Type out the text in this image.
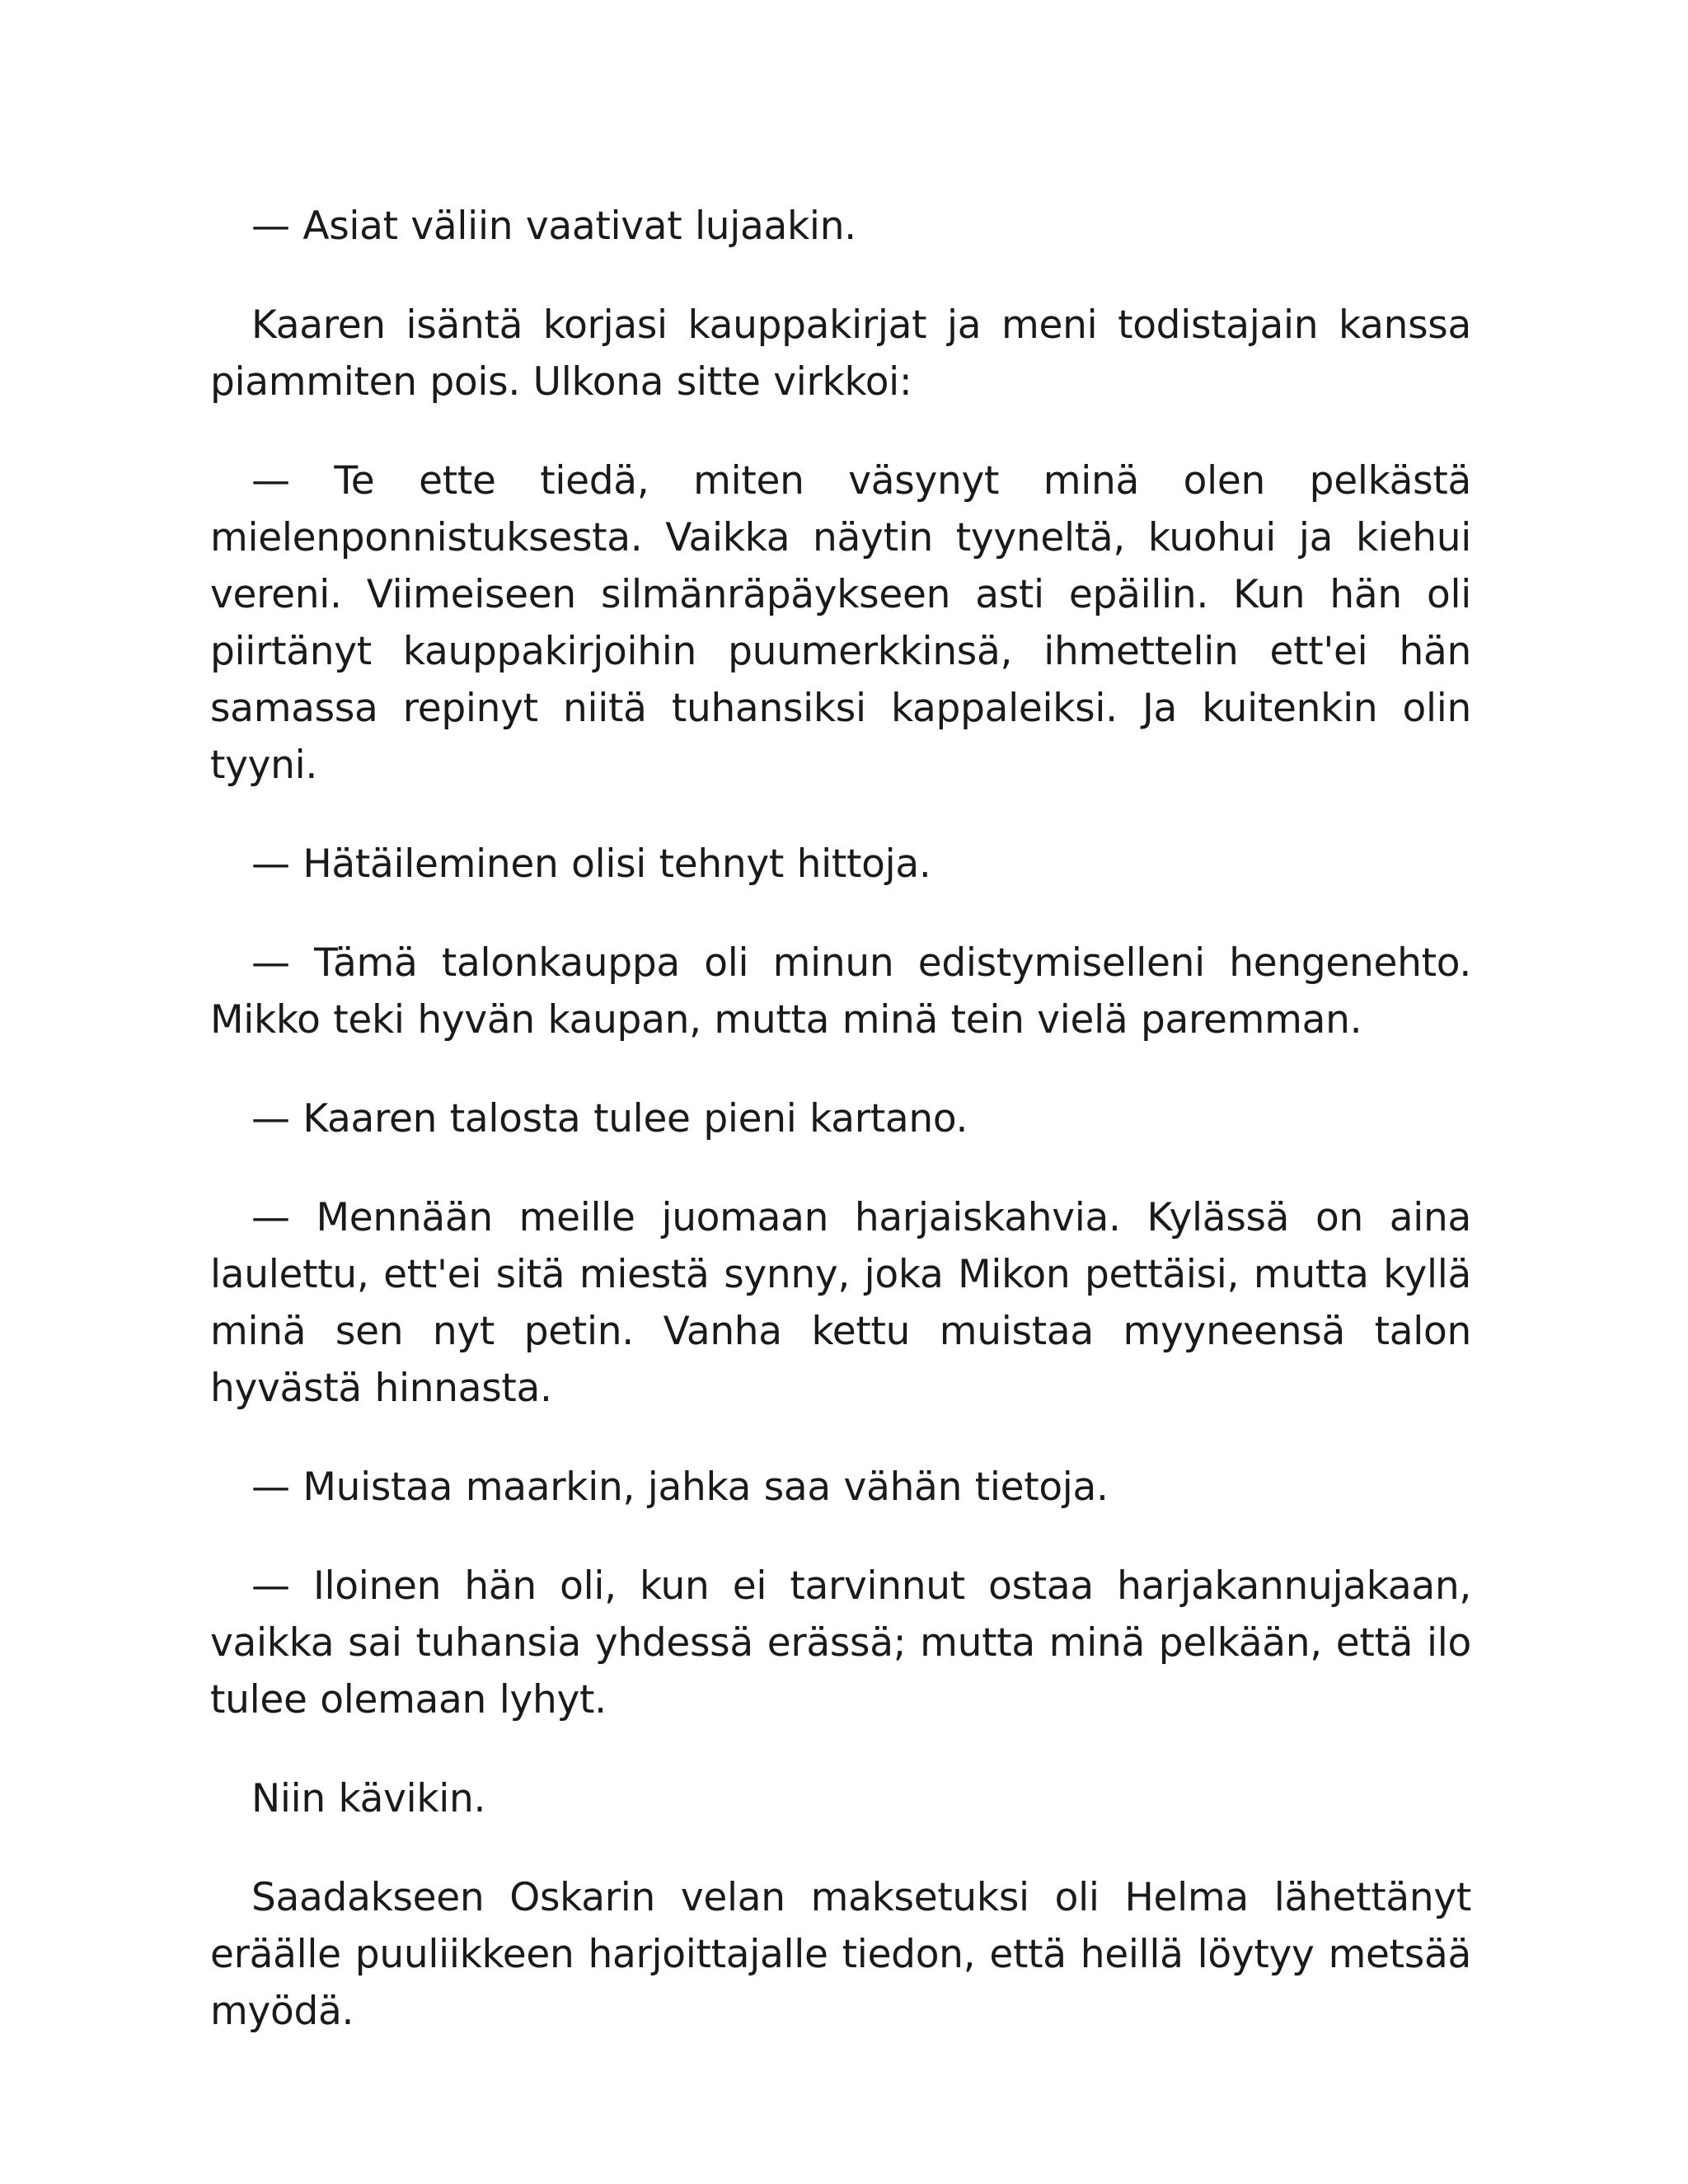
— Asiat väliin vaativat lujaakin.

Kaaren isäntä korjasi kauppakirjat ja meni todistajain kanssa piammiten pois. Ulkona sitte virkkoi:

— Te ette tiedä, miten väsynyt minä olen pelkästä mielenponnistuksesta. Vaikka näytin tyyneltä, kuohui ja kiehui vereni. Viimeiseen silmänräpäykseen asti epäilin. Kun hän oli piirtänyt kauppakirjoihin puumerkkinsä, ihmettelin ett'ei hän samassa repinyt niitä tuhansiksi kappaleiksi. Ja kuitenkin olin tyyni.

— Hätäileminen olisi tehnyt hittoja.

— Tämä talonkauppa oli minun edistymiselleni hengenehto. Mikko teki hyvän kaupan, mutta minä tein vielä paremman.

— Kaaren talosta tulee pieni kartano.

— Mennään meille juomaan harjaiskahvia. Kylässä on aina laulettu, ett'ei sitä miestä synny, joka Mikon pettäisi, mutta kyllä minä sen nyt petin. Vanha kettu muistaa myyneensä talon hyvästä hinnasta.

— Muistaa maarkin, jahka saa vähän tietoja.

— Iloinen hän oli, kun ei tarvinnut ostaa harjakannujakaan, vaikka sai tuhansia yhdessä erässä; mutta minä pelkään, että ilo tulee olemaan lyhyt.

Niin kävikin.

Saadakseen Oskarin velan maksetuksi oli Helma lähettänyt eräälle puuliikkeen harjoittajalle tiedon, että heillä löytyy metsää myödä.
